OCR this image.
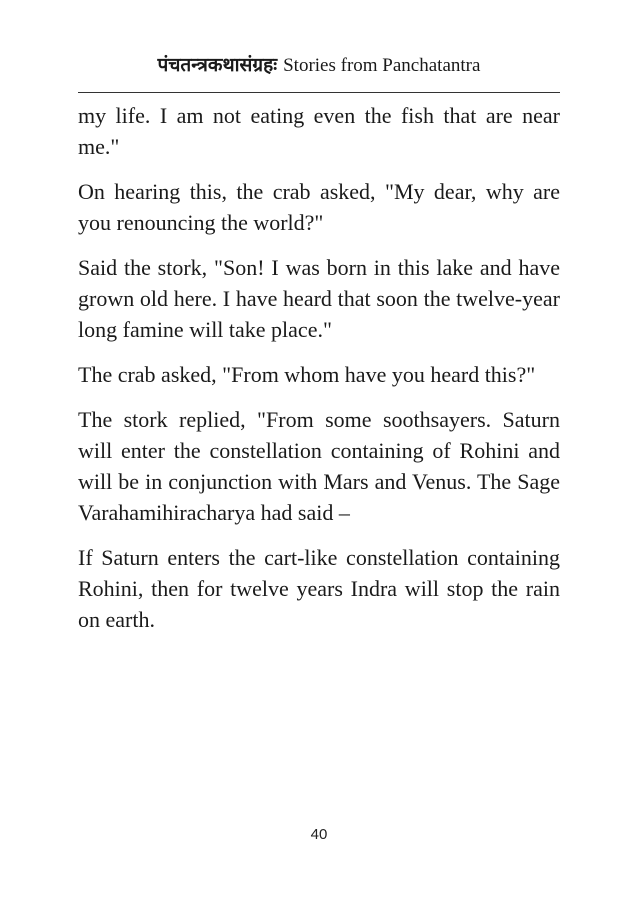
पंचतन्त्रकथासंग्रहः Stories from Panchatantra

my life. I am not eating even the fish that are near me."

On hearing this, the crab asked, "My dear, why are you renouncing the world?"

Said the stork, "Son! I was born in this lake and have grown old here. I have heard that soon the twelve-year long famine will take place."

The crab asked, "From whom have you heard this?"

The stork replied, "From some soothsayers. Saturn will enter the constellation containing of Rohini and will be in conjunction with Mars and Venus. The Sage Varahamihiracharya had said –

If Saturn enters the cart-like constellation containing Rohini, then for twelve years Indra will stop the rain on earth.

40
